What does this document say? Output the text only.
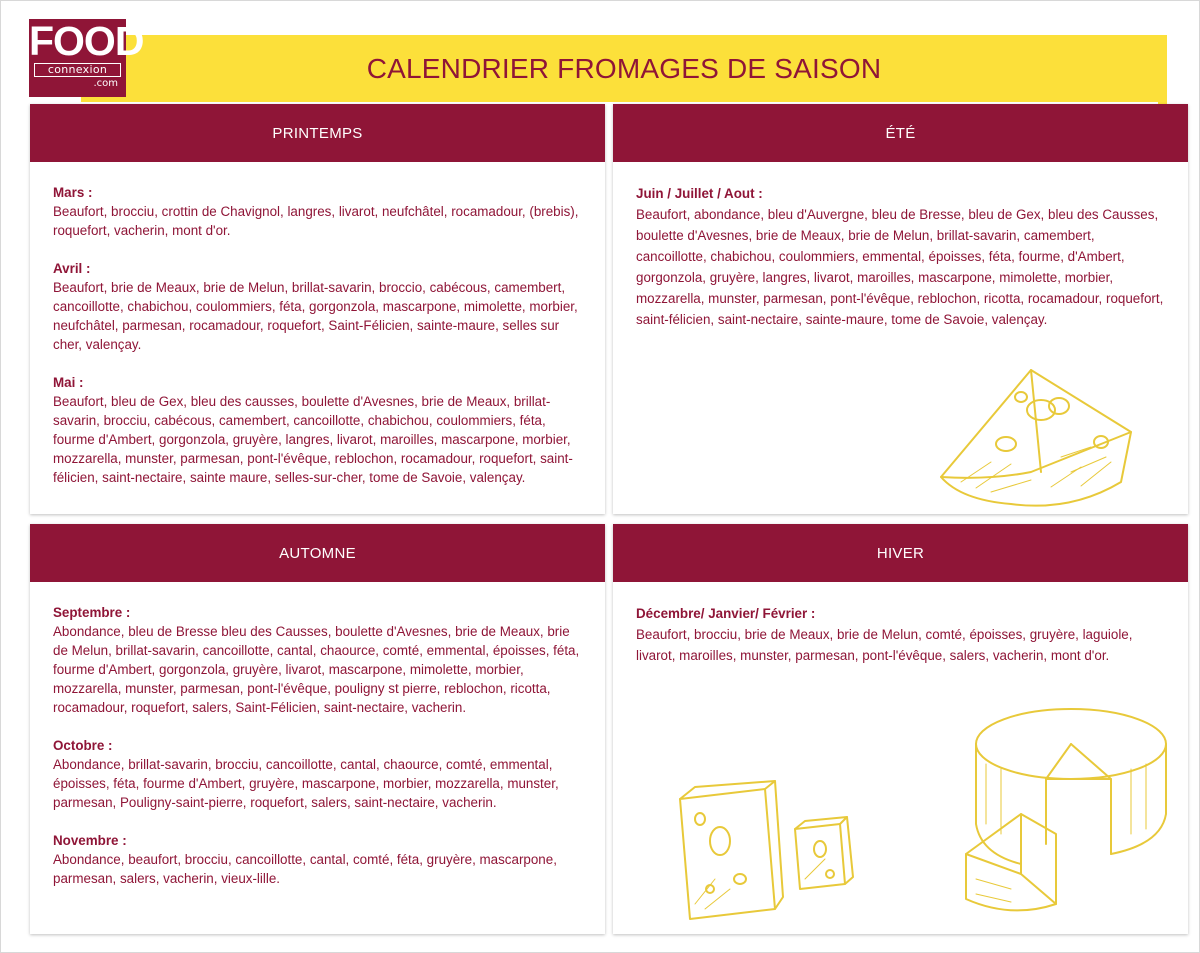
FOOD
connexion
.com	CALENDRIER FROMAGES DE SAISON
PRINTEMPS
Mars :
Beaufort, brocciu, crottin de Chavignol, langres, livarot, neufchâtel, rocamadour, (brebis), roquefort, vacherin, mont d'or.
Avril :
Beaufort, brie de Meaux, brie de Melun, brillat-savarin, broccio, cabécous, camembert, cancoillotte, chabichou, coulommiers, féta, gorgonzola, mascarpone, mimolette, morbier, neufchâtel, parmesan, rocamadour, roquefort, Saint-Félicien, sainte-maure, selles sur cher, valençay.
Mai :
Beaufort, bleu de Gex, bleu des causses, boulette d'Avesnes, brie de Meaux, brillat-savarin, brocciu, cabécous, camembert, cancoillotte, chabichou, coulommiers, féta, fourme d'Ambert, gorgonzola, gruyère, langres, livarot, maroilles, mascarpone, morbier, mozzarella, munster, parmesan, pont-l'évêque, reblochon, rocamadour, roquefort, saint-félicien, saint-nectaire, sainte maure, selles-sur-cher, tome de Savoie, valençay.
ÉTÉ
Juin / Juillet / Aout :
Beaufort, abondance, bleu d'Auvergne, bleu de Bresse, bleu de Gex, bleu des Causses, boulette d'Avesnes, brie de Meaux, brie de Melun, brillat-savarin, camembert, cancoillotte, chabichou, coulommiers, emmental, époisses, féta, fourme, d'Ambert, gorgonzola, gruyère, langres, livarot, maroilles, mascarpone, mimolette, morbier, mozzarella, munster, parmesan, pont-l'évêque, reblochon, ricotta, rocamadour, roquefort, saint-félicien, saint-nectaire, sainte-maure, tome de Savoie, valençay.
AUTOMNE
Septembre :
Abondance, bleu de Bresse bleu des Causses, boulette d'Avesnes, brie de Meaux, brie de Melun, brillat-savarin, cancoillotte, cantal, chaource, comté, emmental, époisses, féta, fourme d'Ambert, gorgonzola, gruyère, livarot, mascarpone, mimolette, morbier, mozzarella, munster, parmesan, pont-l'évêque, pouligny st pierre, reblochon, ricotta, rocamadour, roquefort, salers, Saint-Félicien, saint-nectaire, vacherin.
Octobre :
Abondance, brillat-savarin, brocciu, cancoillotte, cantal, chaource, comté, emmental, époisses, féta, fourme d'Ambert, gruyère, mascarpone, morbier, mozzarella, munster, parmesan, Pouligny-saint-pierre, roquefort, salers, saint-nectaire, vacherin.
Novembre :
Abondance, beaufort, brocciu, cancoillotte, cantal, comté, féta, gruyère, mascarpone, parmesan, salers, vacherin, vieux-lille.
HIVER
Décembre/ Janvier/ Février :
Beaufort, brocciu, brie de Meaux, brie de Melun, comté, époisses, gruyère, laguiole, livarot, maroilles, munster, parmesan, pont-l'évêque, salers, vacherin, mont d'or.
